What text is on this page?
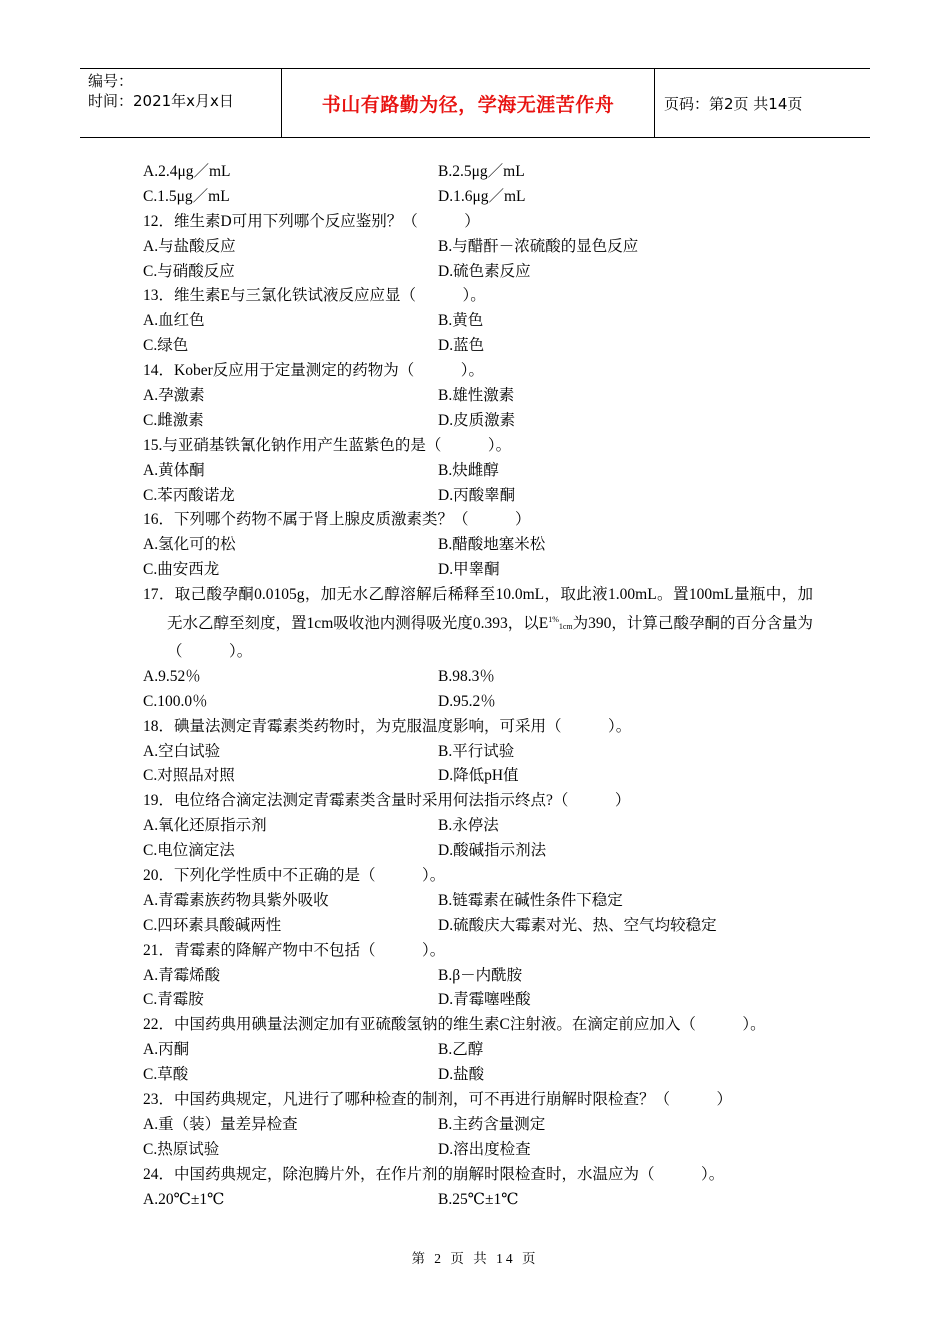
编号：
时间：2021年x月x日	书山有路勤为径，学海无涯苦作舟	页码：第2页 共14页
A.2.4μg／mL	B.2.5μg／mL
C.1.5μg／mL	D.1.6μg／mL
12．维生素D可用下列哪个反应鉴别？（　　　）
A.与盐酸反应	B.与醋酐－浓硫酸的显色反应
C.与硝酸反应	D.硫色素反应
13．维生素E与三氯化铁试液反应应显（　　　）。
A.血红色	B.黄色
C.绿色	D.蓝色
14．Kober反应用于定量测定的药物为（　　　）。
A.孕激素	B.雄性激素
C.雌激素	D.皮质激素
15.与亚硝基铁氰化钠作用产生蓝紫色的是（　　　）。
A.黄体酮	B.炔雌醇
C.苯丙酸诺龙	D.丙酸睾酮
16．下列哪个药物不属于肾上腺皮质激素类？（　　　）
A.氢化可的松	B.醋酸地塞米松
C.曲安西龙	D.甲睾酮
17．取己酸孕酮0.0105g，加无水乙醇溶解后稀释至10.0mL，取此液1.00mL。置100mL量瓶中，加无水乙醇至刻度，置1cm吸收池内测得吸光度0.393，以$E^{1\%}_{1cm}$为390，计算己酸孕酮的百分含量为（　　　）。
A.9.52％	B.98.3％
C.100.0％	D.95.2％
18．碘量法测定青霉素类药物时，为克服温度影响，可采用（　　　）。
A.空白试验	B.平行试验
C.对照品对照	D.降低pH值
19．电位络合滴定法测定青霉素类含量时采用何法指示终点?（　　　）
A.氧化还原指示剂	B.永停法
C.电位滴定法	D.酸碱指示剂法
20．下列化学性质中不正确的是（　　　）。
A.青霉素族药物具紫外吸收	B.链霉素在碱性条件下稳定
C.四环素具酸碱两性	D.硫酸庆大霉素对光、热、空气均较稳定
21．青霉素的降解产物中不包括（　　　）。
A.青霉烯酸	B.β－内酰胺
C.青霉胺	D.青霉噻唑酸
22．中国药典用碘量法测定加有亚硫酸氢钠的维生素C注射液。在滴定前应加入（　　　）。
A.丙酮	B.乙醇
C.草酸	D.盐酸
23．中国药典规定，凡进行了哪种检查的制剂，可不再进行崩解时限检查？（　　　）
A.重（装）量差异检查	B.主药含量测定
C.热原试验	D.溶出度检查
24．中国药典规定，除泡腾片外，在作片剂的崩解时限检查时，水温应为（　　　）。
A.20℃±1℃	B.25℃±1℃
第 2 页 共 14 页
